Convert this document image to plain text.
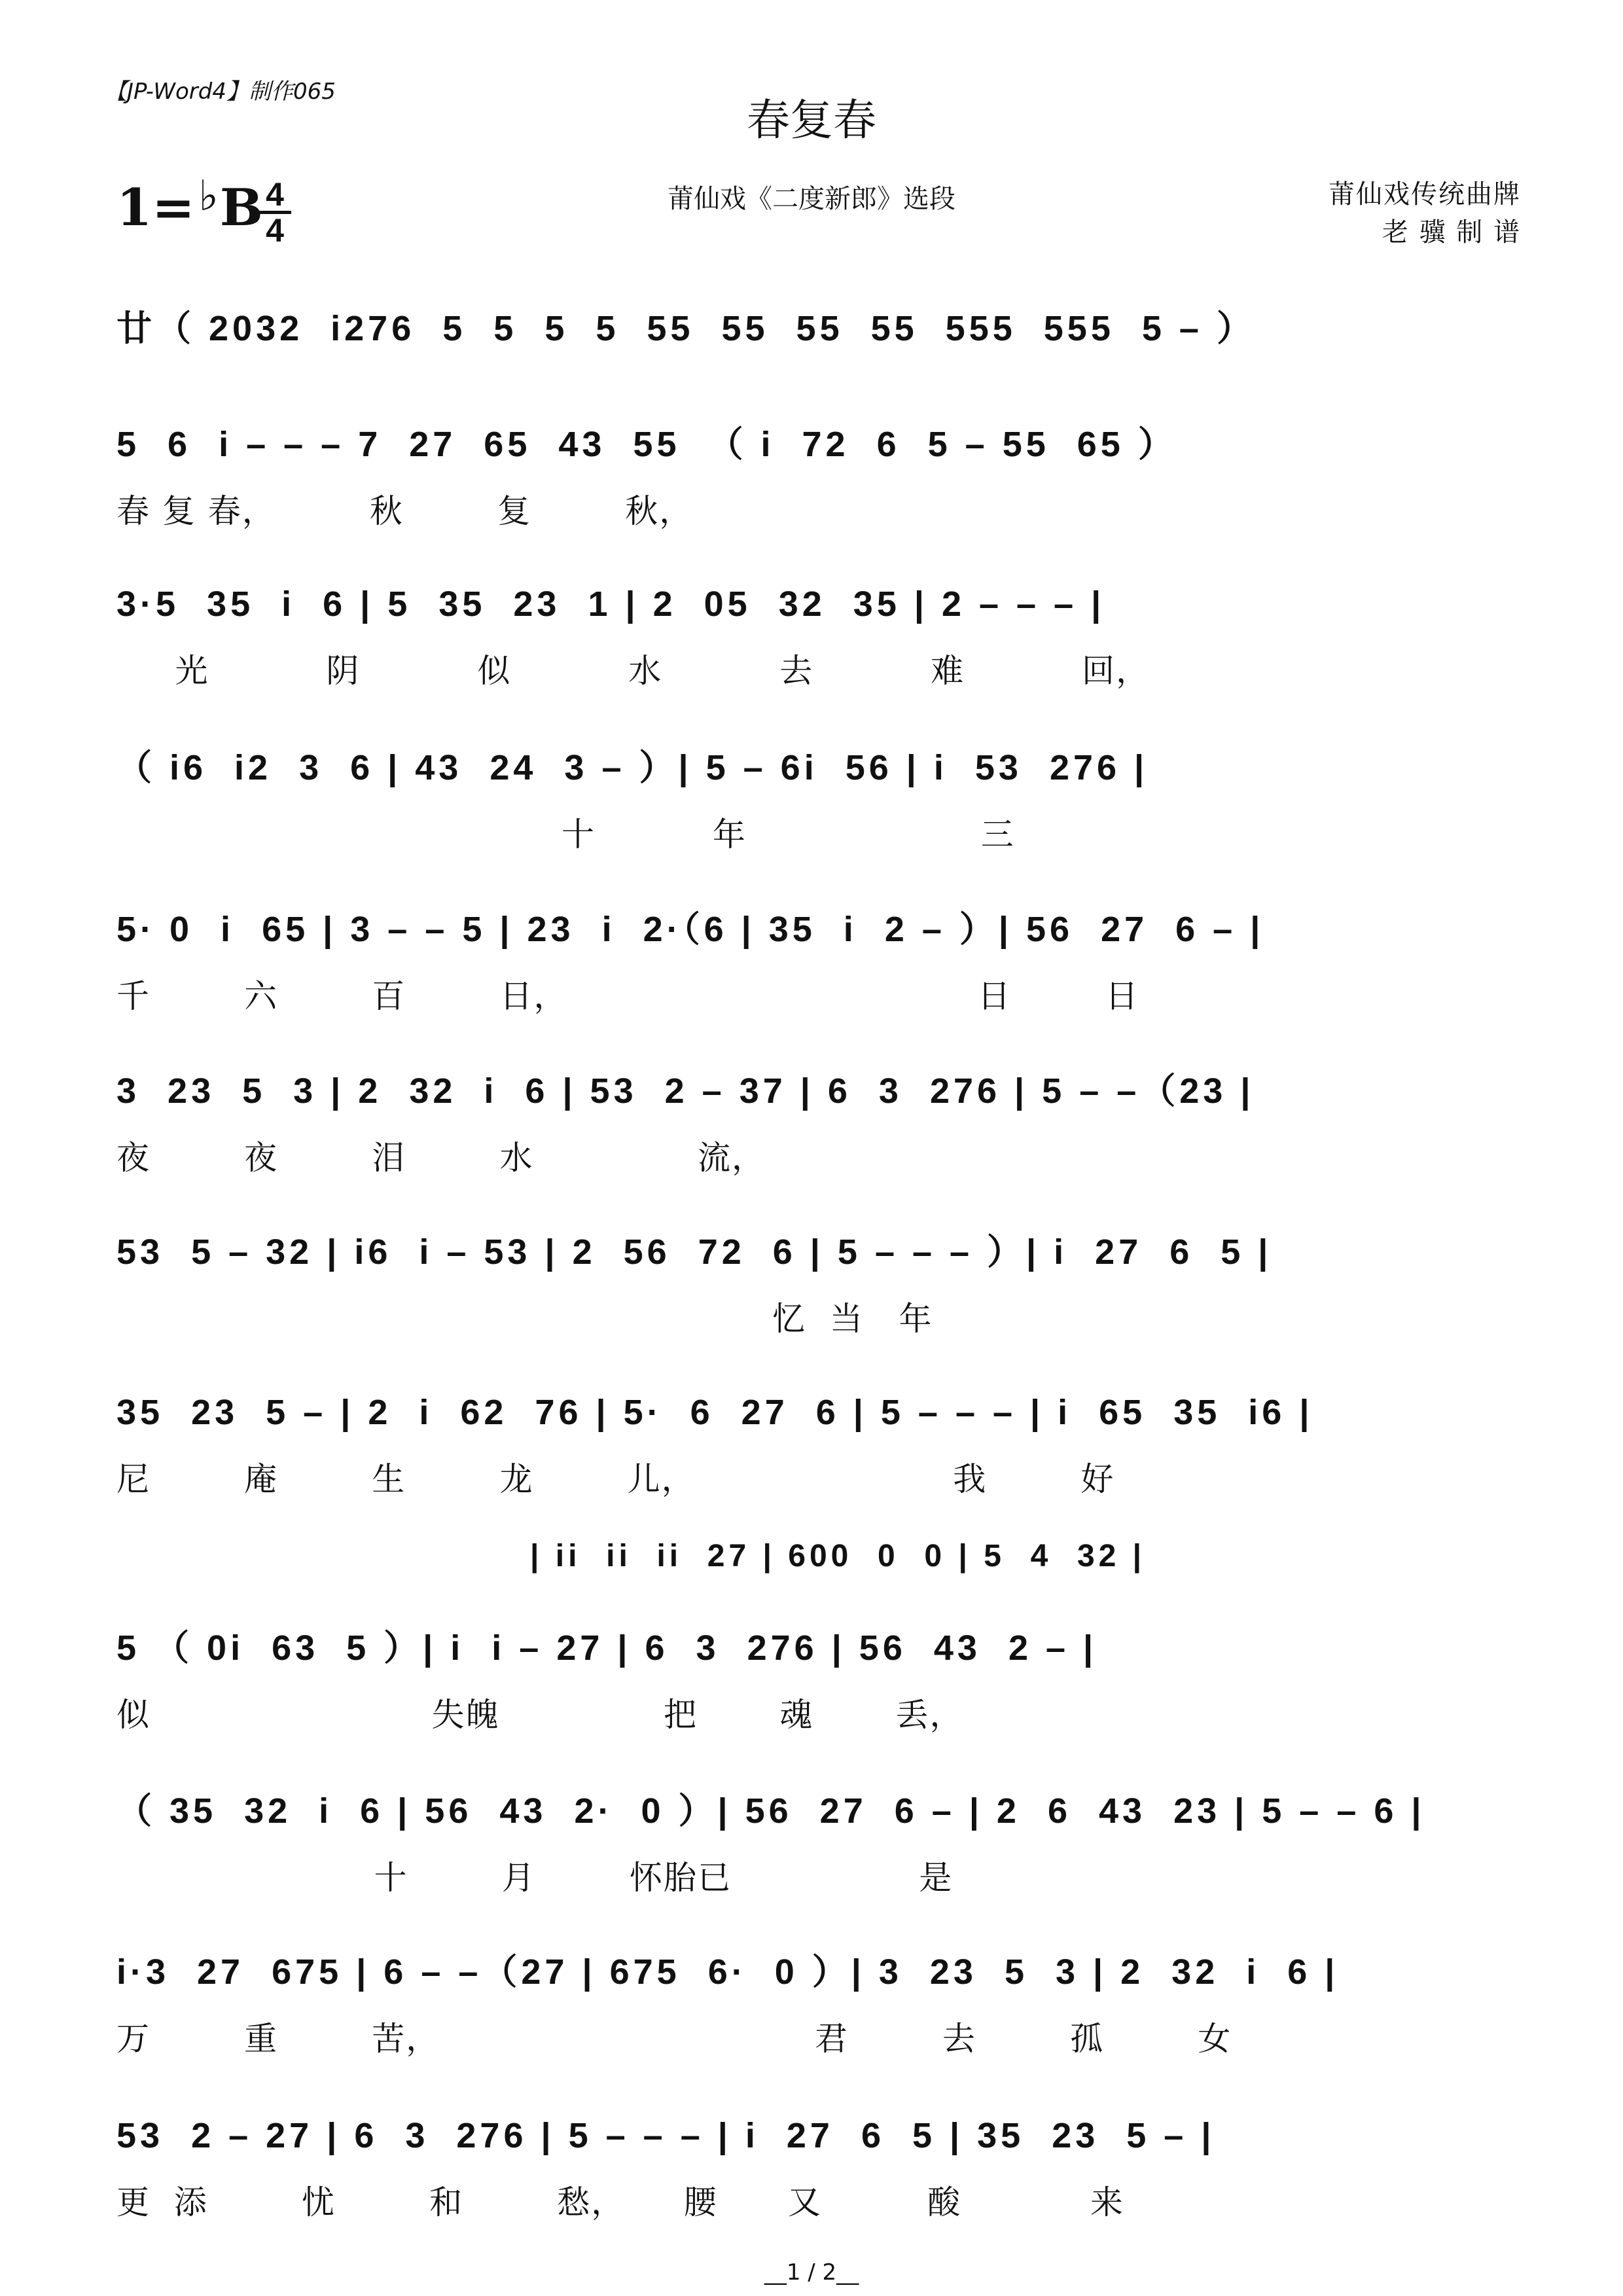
【JP-Word4】制作065
春复春
1=♭B 4
4
莆仙戏《二度新郎》选段	莆仙戏传统曲牌
老 骥 制 谱
廿（ 2032  i276  5  5  5  5  55  55  55  55  555  555  5 – ）
5  6  i – – – 7  27  65  43  55  （ i  72  6  5 – 55  65 ）
春 复 春，        秋        复        秋，
3·5  35  i  6 | 5  35  23  1 | 2  05  32  35 | 2 – – – |
光          阴          似          水          去          难          回，
（ i6  i2  3  6 | 43  24  3 – ）| 5 – 6i  56 | i  53  276 |
十          年                    三
5· 0  i  65 | 3 – – 5 | 23  i  2·（6 | 35  i  2 – ）| 56  27  6 – |
千        六        百        日，                                   日        日
3  23  5  3 | 2  32  i  6 | 53  2 – 37 | 6  3  276 | 5 – –（23 |
夜        夜        泪        水              流，
53  5 – 32 | i6  i – 53 | 2  56  72  6 | 5 – – – ）| i  27  6  5 |
忆  当   年
35  23  5 – | 2  i  62  76 | 5·  6  27  6 | 5 – – – | i  65  35  i6 |
尼        庵        生        龙        儿，                      我        好
| ii  ii  ii  27 | 600  0  0 | 5  4  32 |
5 （ 0i  63  5 ）| i  i – 27 | 6  3  276 | 56  43  2 – |
似                        失魄              把       魂       丢，
（ 35  32  i  6 | 56  43  2·  0 ）| 56  27  6 – | 2  6  43  23 | 5 – – 6 |
十        月        怀胎已                是
i·3  27  675 | 6 – –（27 | 675  6·  0 ）| 3  23  5  3 | 2  32  i  6 |
万        重        苦，                                君        去        孤        女
53  2 – 27 | 6  3  276 | 5 – – – | i  27  6  5 | 35  23  5 – |
更  添        忧        和        愁，     腰      又         酸           来
__1 / 2__
